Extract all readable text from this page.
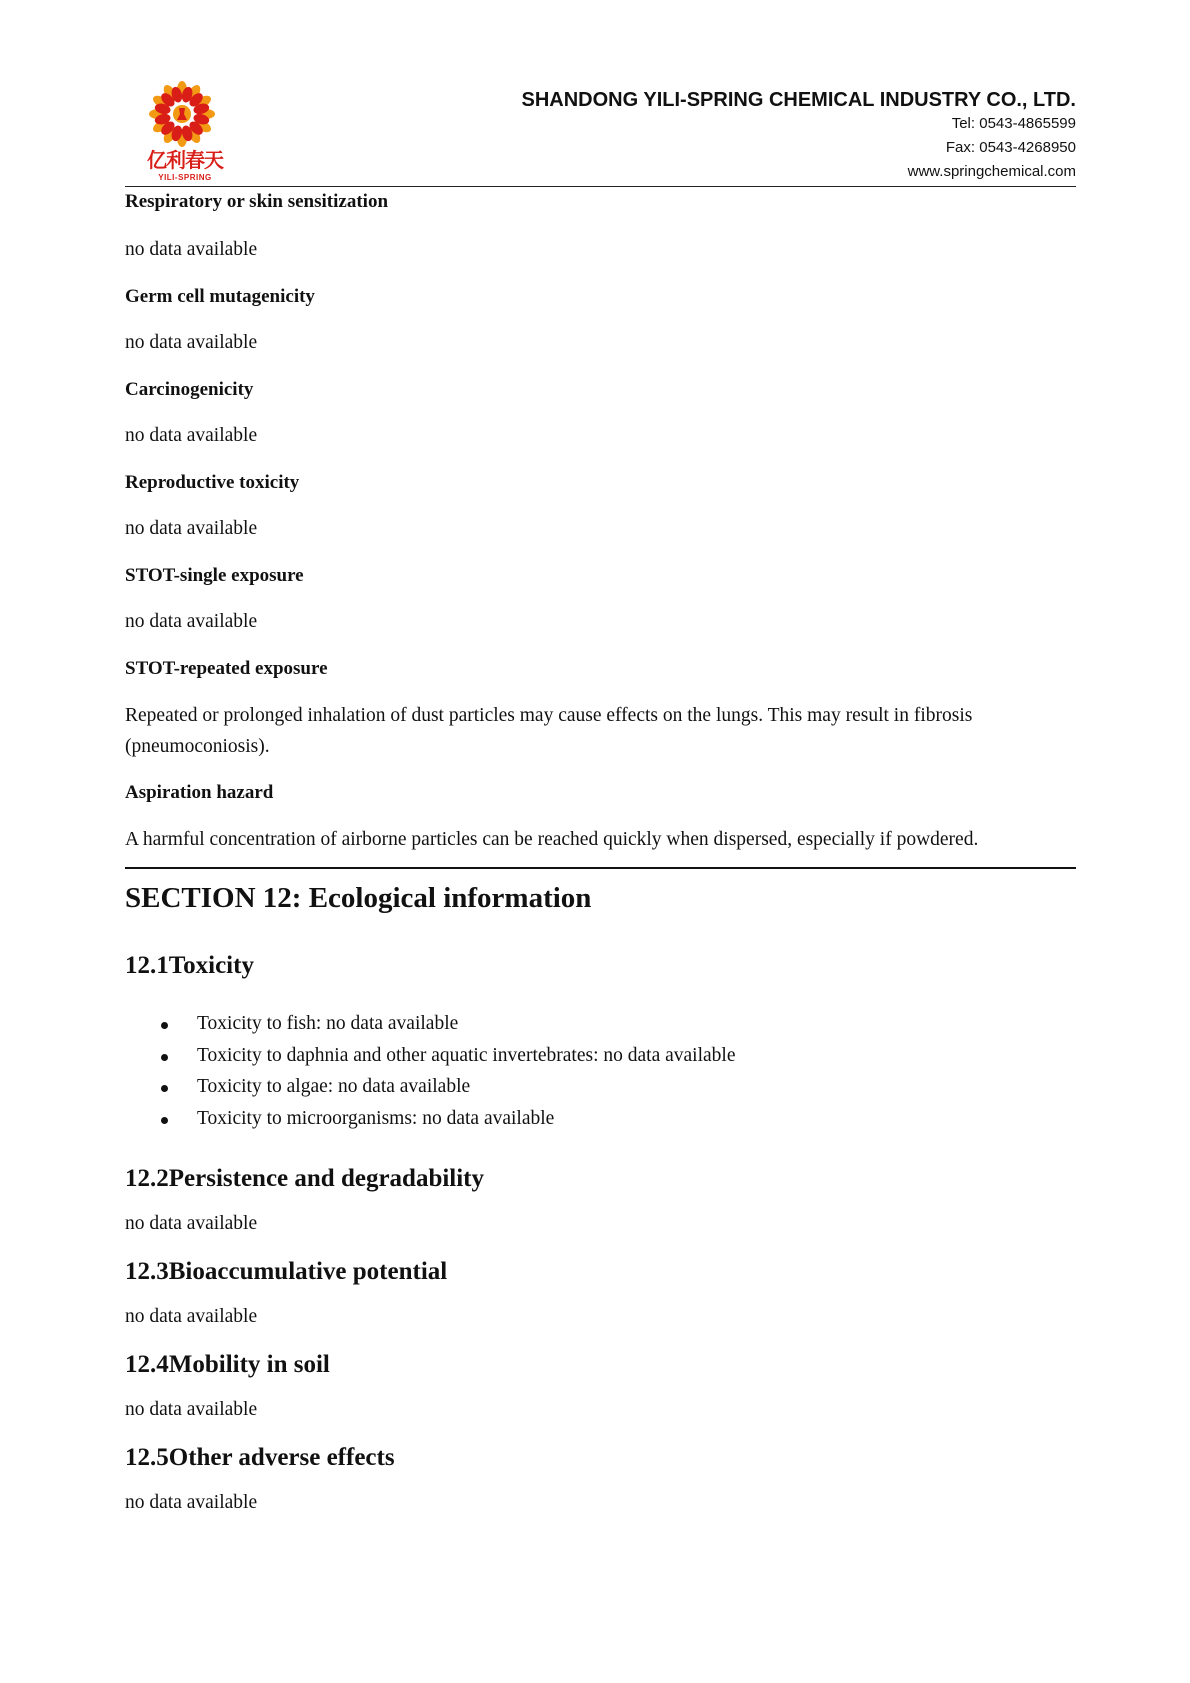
亿利春天
YILI-SPRING
SHANDONG YILI-SPRING CHEMICAL INDUSTRY CO., LTD.
Tel: 0543-4865599
Fax: 0543-4268950
www.springchemical.com
Respiratory or skin sensitization
no data available
Germ cell mutagenicity
no data available
Carcinogenicity
no data available
Reproductive toxicity
no data available
STOT-single exposure
no data available
STOT-repeated exposure
Repeated or prolonged inhalation of dust particles may cause effects on the lungs. This may result in fibrosis (pneumoconiosis).
Aspiration hazard
A harmful concentration of airborne particles can be reached quickly when dispersed, especially if powdered.
SECTION 12: Ecological information
12.1Toxicity
Toxicity to fish: no data available
Toxicity to daphnia and other aquatic invertebrates: no data available
Toxicity to algae: no data available
Toxicity to microorganisms: no data available
12.2Persistence and degradability

no data available

12.3Bioaccumulative potential

no data available

12.4Mobility in soil

no data available

12.5Other adverse effects

no data available
